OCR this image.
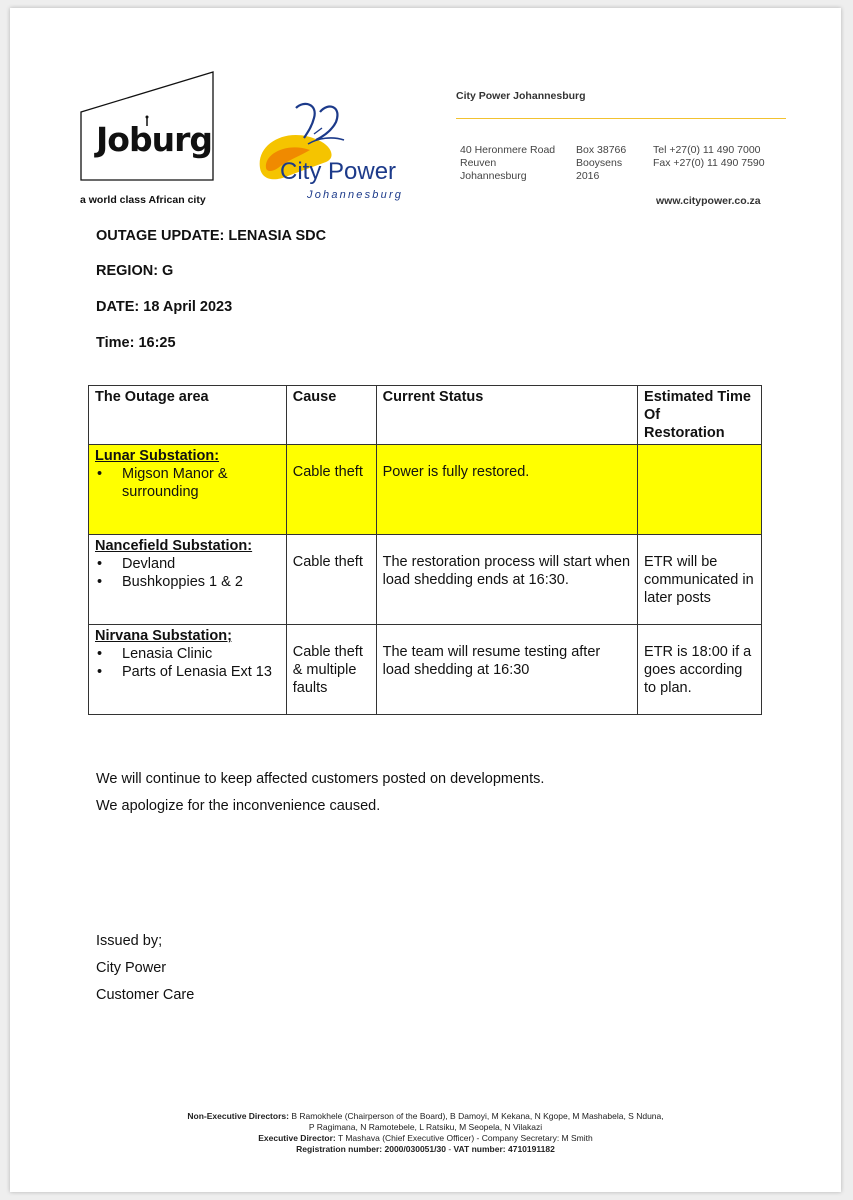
Joburg
a world class African city
City Power
Johannesburg
City Power Johannesburg
40 Heronmere Road
Reuven
Johannesburg
Box 38766
Booysens
2016
Tel +27(0) 11 490 7000
Fax +27(0) 11 490 7590
www.citypower.co.za
OUTAGE UPDATE: LENASIA SDC
REGION: G
DATE: 18 April 2023
Time: 16:25
The Outage area	Cause	Current Status	Estimated Time
Of
Restoration

Lunar Substation:
• Migson Manor & surrounding	Cable theft	Power is fully restored.	

Nancefield Substation:
• Devland
• Bushkoppies 1 & 2	Cable theft	The restoration process will start when load shedding ends at 16:30.	ETR will be communicated in later posts

Nirvana Substation;
• Lenasia Clinic
• Parts of Lenasia Ext 13	Cable theft & multiple faults	The team will resume testing after load shedding at 16:30	ETR is 18:00 if a goes according to plan.
We will continue to keep affected customers posted on developments.
We apologize for the inconvenience caused.
Issued by;
City Power
Customer Care
Non-Executive Directors: B Ramokhele (Chairperson of the Board), B Damoyi, M Kekana, N Kgope, M Mashabela, S Nduna,
P Ragimana, N Ramotebele, L Ratsiku, M Seopela, N Vilakazi
Executive Director: T Mashava (Chief Executive Officer) - Company Secretary: M Smith
Registration number: 2000/030051/30 - VAT number: 4710191182
